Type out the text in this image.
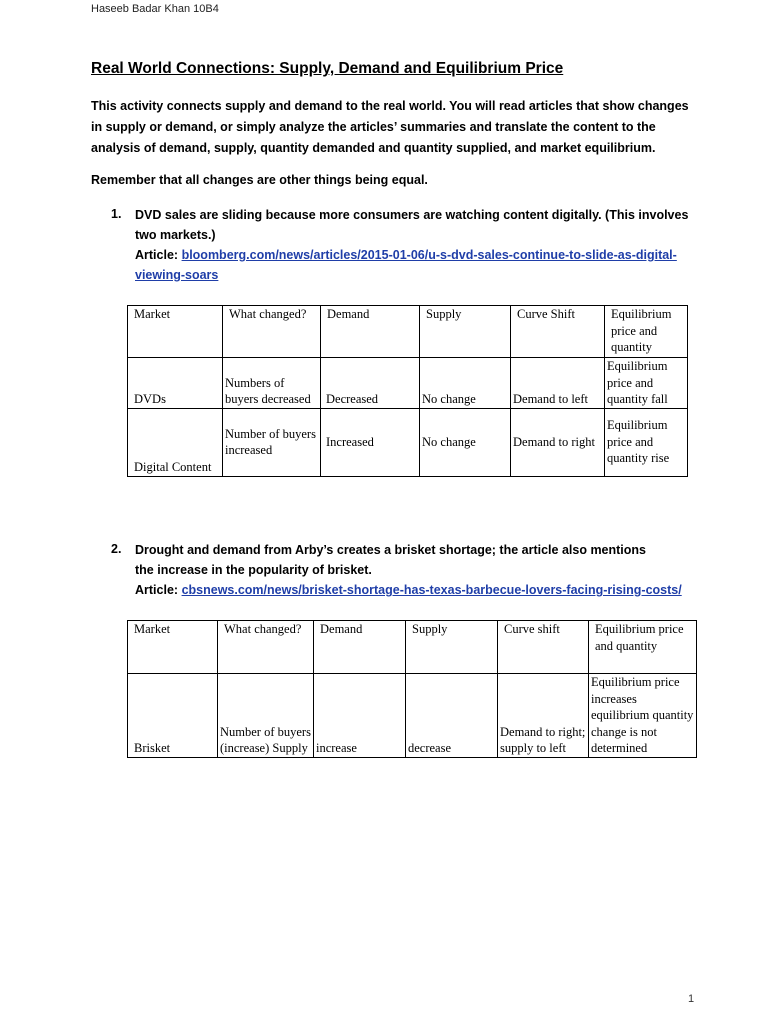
Haseeb Badar Khan 10B4
Real World Connections: Supply, Demand and Equilibrium Price

This activity connects supply and demand to the real world. You will read articles that show changes in supply or demand, or simply analyze the articles’ summaries and translate the content to the analysis of demand, supply, quantity demanded and quantity supplied, and market equilibrium.

Remember that all changes are other things being equal.

1. DVD sales are sliding because more consumers are watching content digitally. (This involves
two markets.)
Article: bloomberg.com/news/articles/2015-01-06/u-s-dvd-sales-continue-to-slide-as-digital-
viewing-soars
Market	What changed?	Demand	Supply	Curve Shift	Equilibrium price and quantity
DVDs	Numbers of buyers decreased	Decreased	No change	Demand to left	Equilibrium price and quantity fall
Digital Content	Number of buyers increased	Increased	No change	Demand to right	Equilibrium price and quantity rise
2. Drought and demand from Arby’s creates a brisket shortage; the article also mentions
the increase in the popularity of brisket.
Article: cbsnews.com/news/brisket-shortage-has-texas-barbecue-lovers-facing-rising-costs/
Market	What changed?	Demand	Supply	Curve shift	Equilibrium price and quantity
Brisket	Number of buyers (increase) Supply	increase	decrease	Demand to right; supply to left	Equilibrium price increases equilibrium quantity change is not determined
1
